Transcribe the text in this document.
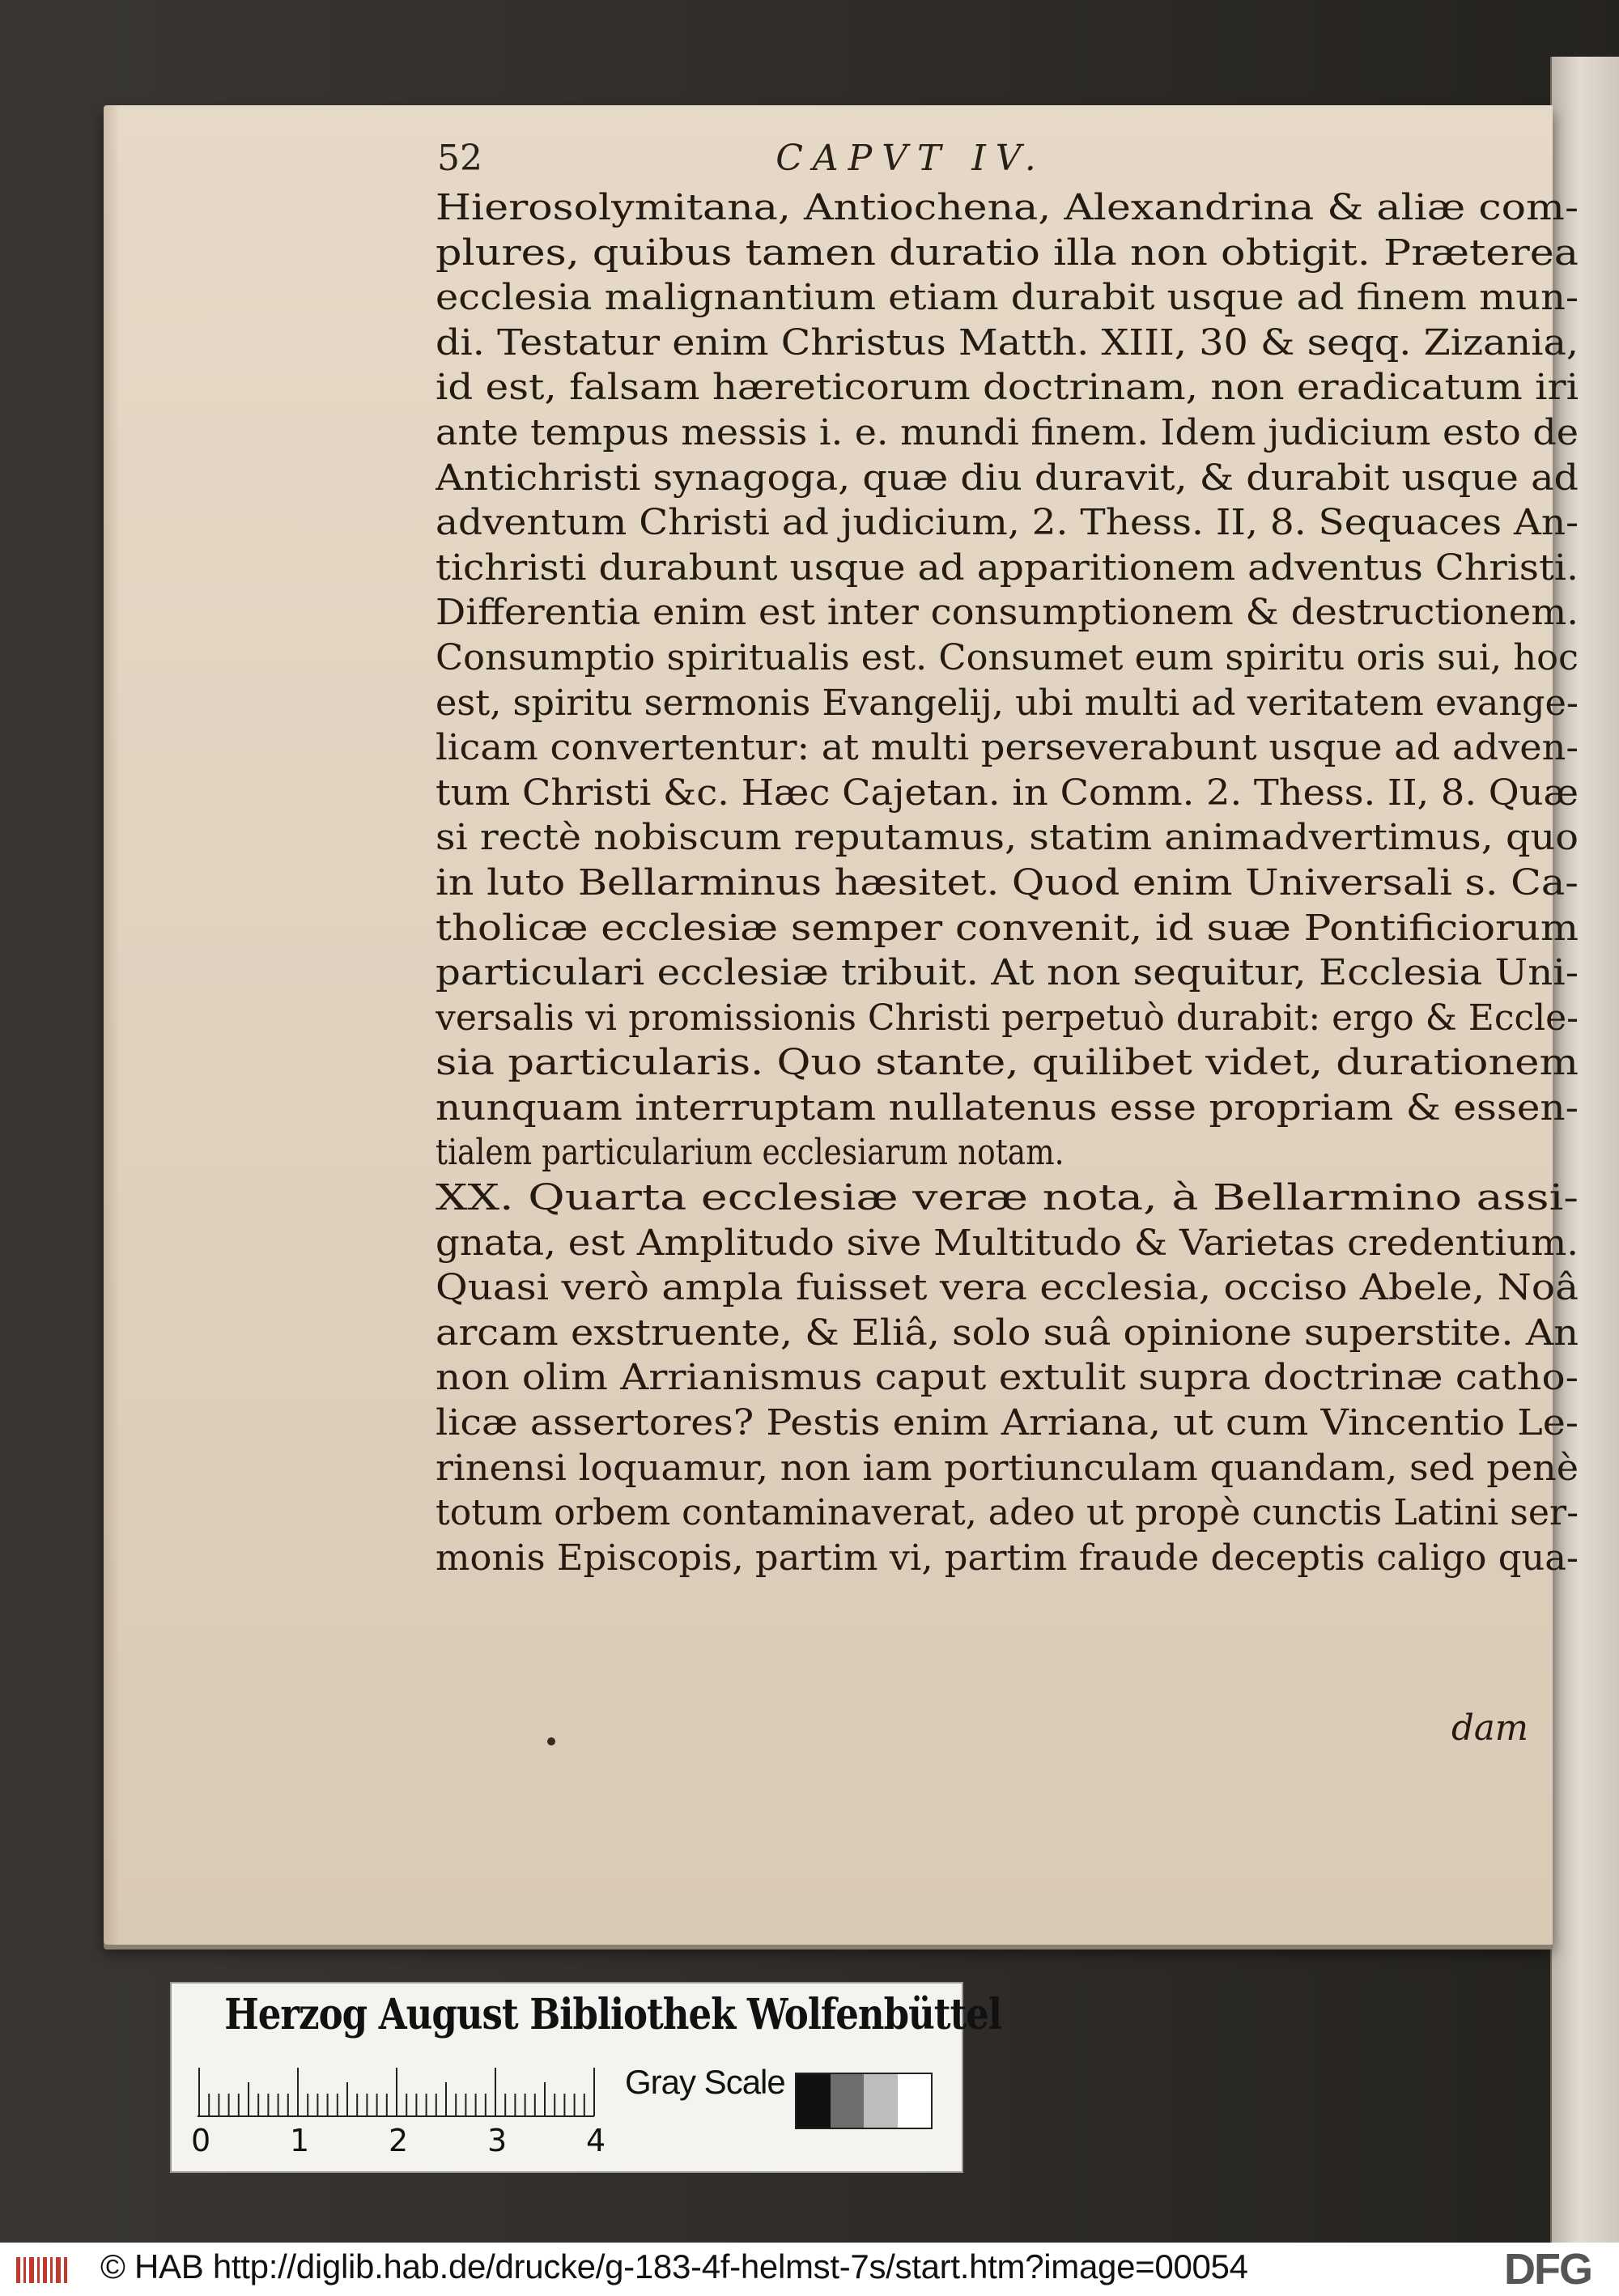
52	CAPVT IV.
Hierosolymitana, Antiochena, Alexandrina & aliæ com-
plures, quibus tamen duratio illa non obtigit. Præterea
ecclesia malignantium etiam durabit usque ad finem mun-
di. Testatur enim Christus Matth. XIII, 30 & seqq. Zizania,
id est, falsam hæreticorum doctrinam, non eradicatum iri
ante tempus messis i. e. mundi finem. Idem judicium esto de
Antichristi synagoga, quæ diu duravit, & durabit usque ad
adventum Christi ad judicium, 2. Thess. II, 8. Sequaces An-
tichristi durabunt usque ad apparitionem adventus Christi.
Differentia enim est inter consumptionem & destructionem.
Consumptio spiritualis est. Consumet eum spiritu oris sui, hoc
est, spiritu sermonis Evangelij, ubi multi ad veritatem evange-
licam convertentur: at multi perseverabunt usque ad adven-
tum Christi &c. Hæc Cajetan. in Comm. 2. Thess. II, 8. Quæ
si rectè nobiscum reputamus, statim animadvertimus, quo
in luto Bellarminus hæsitet. Quod enim Universali s. Ca-
tholicæ ecclesiæ semper convenit, id suæ Pontificiorum
particulari ecclesiæ tribuit. At non sequitur, Ecclesia Uni-
versalis vi promissionis Christi perpetuò durabit: ergo & Eccle-
sia particularis. Quo stante, quilibet videt, durationem
nunquam interruptam nullatenus esse propriam & essen-
tialem particularium ecclesiarum notam.
XX. Quarta ecclesiæ veræ nota, à Bellarmino assi-
gnata, est Amplitudo sive Multitudo & Varietas credentium.
Quasi verò ampla fuisset vera ecclesia, occiso Abele, Noâ
arcam exstruente, & Eliâ, solo suâ opinione superstite. An
non olim Arrianismus caput extulit supra doctrinæ catho-
licæ assertores? Pestis enim Arriana, ut cum Vincentio Le-
rinensi loquamur, non iam portiunculam quandam, sed penè
totum orbem contaminaverat, adeo ut propè cunctis Latini ser-
monis Episcopis, partim vi, partim fraude deceptis caligo qua-
dam
Herzog August Bibliothek Wolfenbüttel
0	1	2	3	4
Gray Scale
© HAB http://diglib.hab.de/drucke/g-183-4f-helmst-7s/start.htm?image=00054	DFG
